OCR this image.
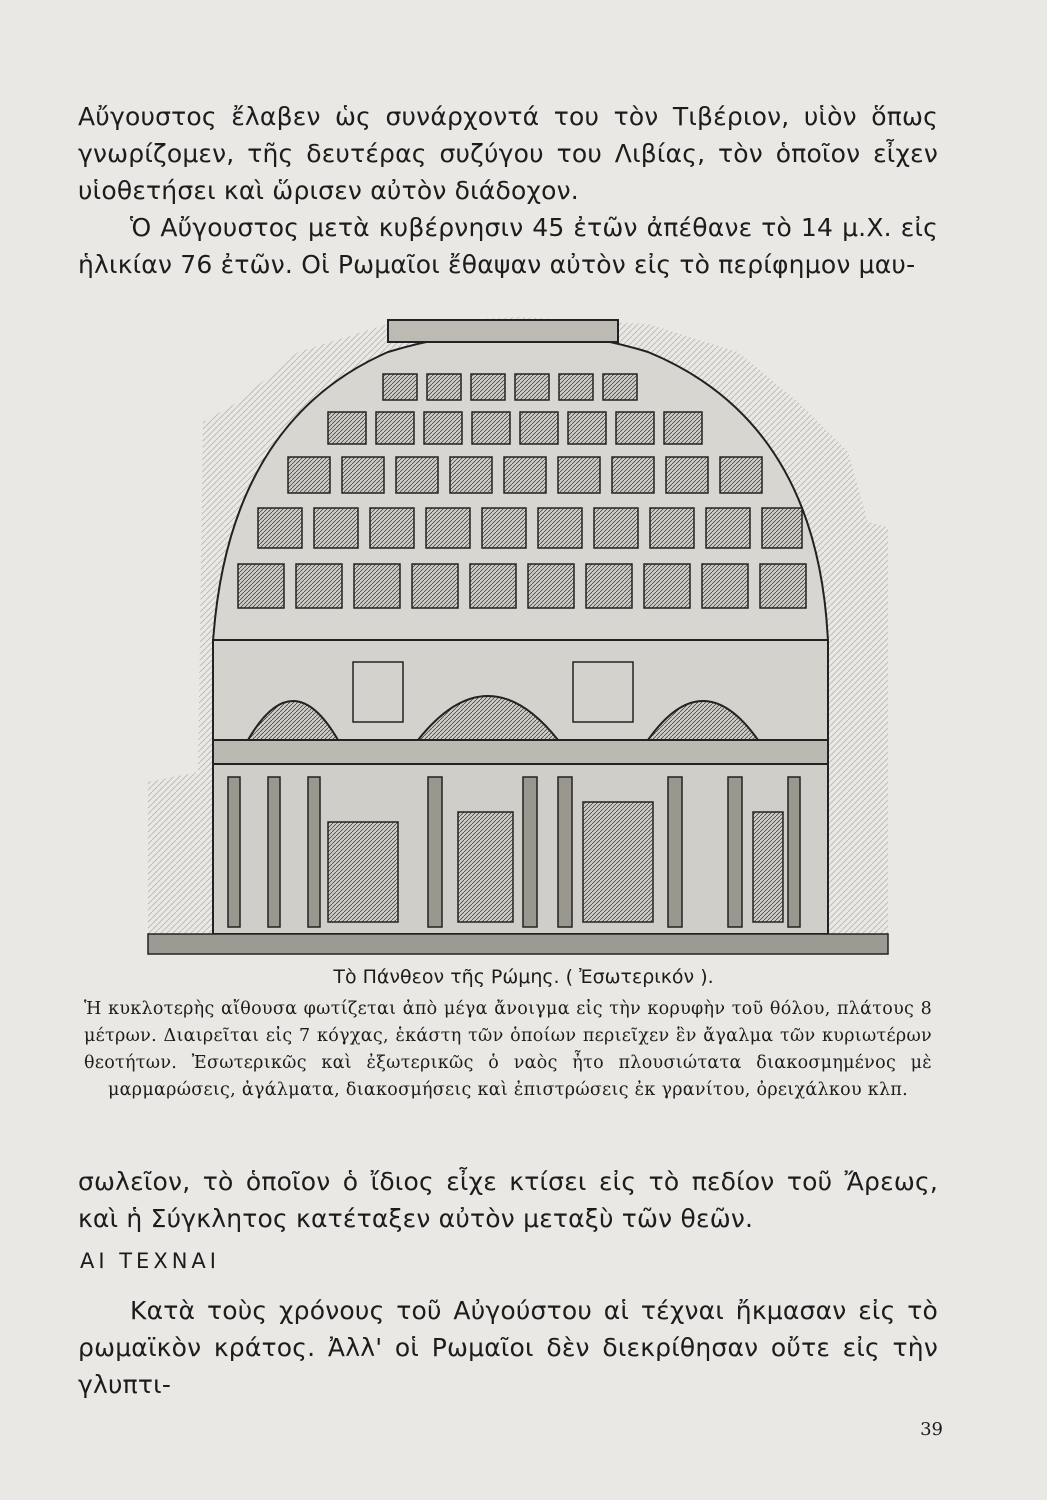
Αὔγουστος ἔλαβεν ὡς συνάρχοντά του τὸν Τιβέριον, υἱὸν ὅπως γνωρίζομεν, τῆς δευτέρας συζύγου του Λιβίας, τὸν ὁποῖον εἶχεν υἱοθετήσει καὶ ὥρισεν αὐτὸν διάδοχον.

Ὁ Αὔγουστος μετὰ κυβέρνησιν 45 ἐτῶν ἀπέθανε τὸ 14 μ.Χ. εἰς ἡλικίαν 76 ἐτῶν. Οἱ Ρωμαῖοι ἔθαψαν αὐτὸν εἰς τὸ περίφημον μαυ-

Τὸ Πάνθεον τῆς Ρώμης. ( Ἐσωτερικόν ).
Ἡ κυκλοτερὴς αἴθουσα φωτίζεται ἀπὸ μέγα ἄνοιγμα εἰς τὴν κορυφὴν τοῦ θόλου, πλάτους 8 μέτρων. Διαιρεῖται εἰς 7 κόγχας, ἑκάστη τῶν ὁποίων περιεῖχεν ἓν ἄγαλμα τῶν κυριωτέρων θεοτήτων. Ἐσωτερικῶς καὶ ἐξωτερικῶς ὁ ναὸς ἦτο πλουσιώτατα διακοσμημένος μὲ μαρμαρώσεις, ἀγάλματα, διακοσμήσεις καὶ ἐπιστρώσεις ἐκ γρανίτου, ὀρειχάλκου κλπ.

σωλεῖον, τὸ ὁποῖον ὁ ἴδιος εἶχε κτίσει εἰς τὸ πεδίον τοῦ Ἄρεως, καὶ ἡ Σύγκλητος κατέταξεν αὐτὸν μεταξὺ τῶν θεῶν.

ΑΙ ΤΕΧΝΑΙ

Κατὰ τοὺς χρόνους τοῦ Αὐγούστου αἱ τέχναι ἤκμασαν εἰς τὸ ρωμαϊκὸν κράτος. Ἀλλ' οἱ Ρωμαῖοι δὲν διεκρίθησαν οὔτε εἰς τὴν γλυπτι-

39
